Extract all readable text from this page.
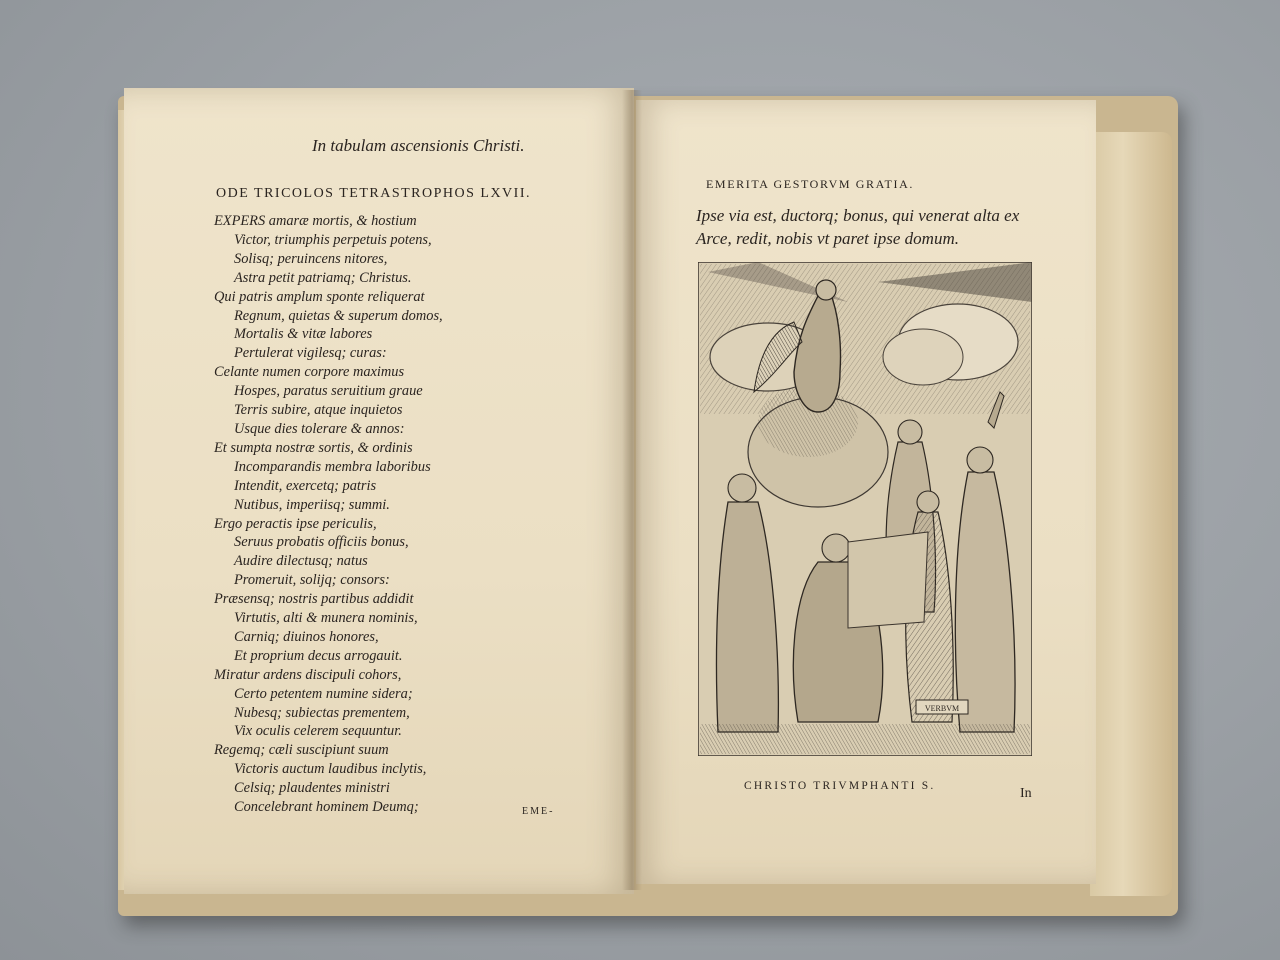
In tabulam ascensionis Christi.
ODE TRICOLOS TETRASTROPHOS LXVII.
EXPERS amaræ mortis, & hostium
Victor, triumphis perpetuis potens,
Solisq; peruincens nitores,
Astra petit patriamq; Christus.
Qui patris amplum sponte reliquerat
Regnum, quietas & superum domos,
Mortalis & vitæ labores
Pertulerat vigilesq; curas:
Celante numen corpore maximus
Hospes, paratus seruitium graue
Terris subire, atque inquietos
Usque dies tolerare & annos:
Et sumpta nostræ sortis, & ordinis
Incomparandis membra laboribus
Intendit, exercetq; patris
Nutibus, imperiisq; summi.
Ergo peractis ipse periculis,
Seruus probatis officiis bonus,
Audire dilectusq; natus
Promeruit, solijq; consors:
Præsensq; nostris partibus addidit
Virtutis, alti & munera nominis,
Carniq; diuinos honores,
Et proprium decus arrogauit.
Miratur ardens discipuli cohors,
Certo petentem numine sidera;
Nubesq; subiectas prementem,
Vix oculis celerem sequuntur.
Regemq; cæli suscipiunt suum
Victoris auctum laudibus inclytis,
Celsiq; plaudentes ministri
Concelebrant hominem Deumq;	EME-
EMERITA GESTORVM GRATIA.
Ipse via est, ductorq; bonus, qui venerat alta ex
Arce, redit, nobis vt paret ipse domum.
VERBVM
CHRISTO TRIVMPHANTI S.	In
